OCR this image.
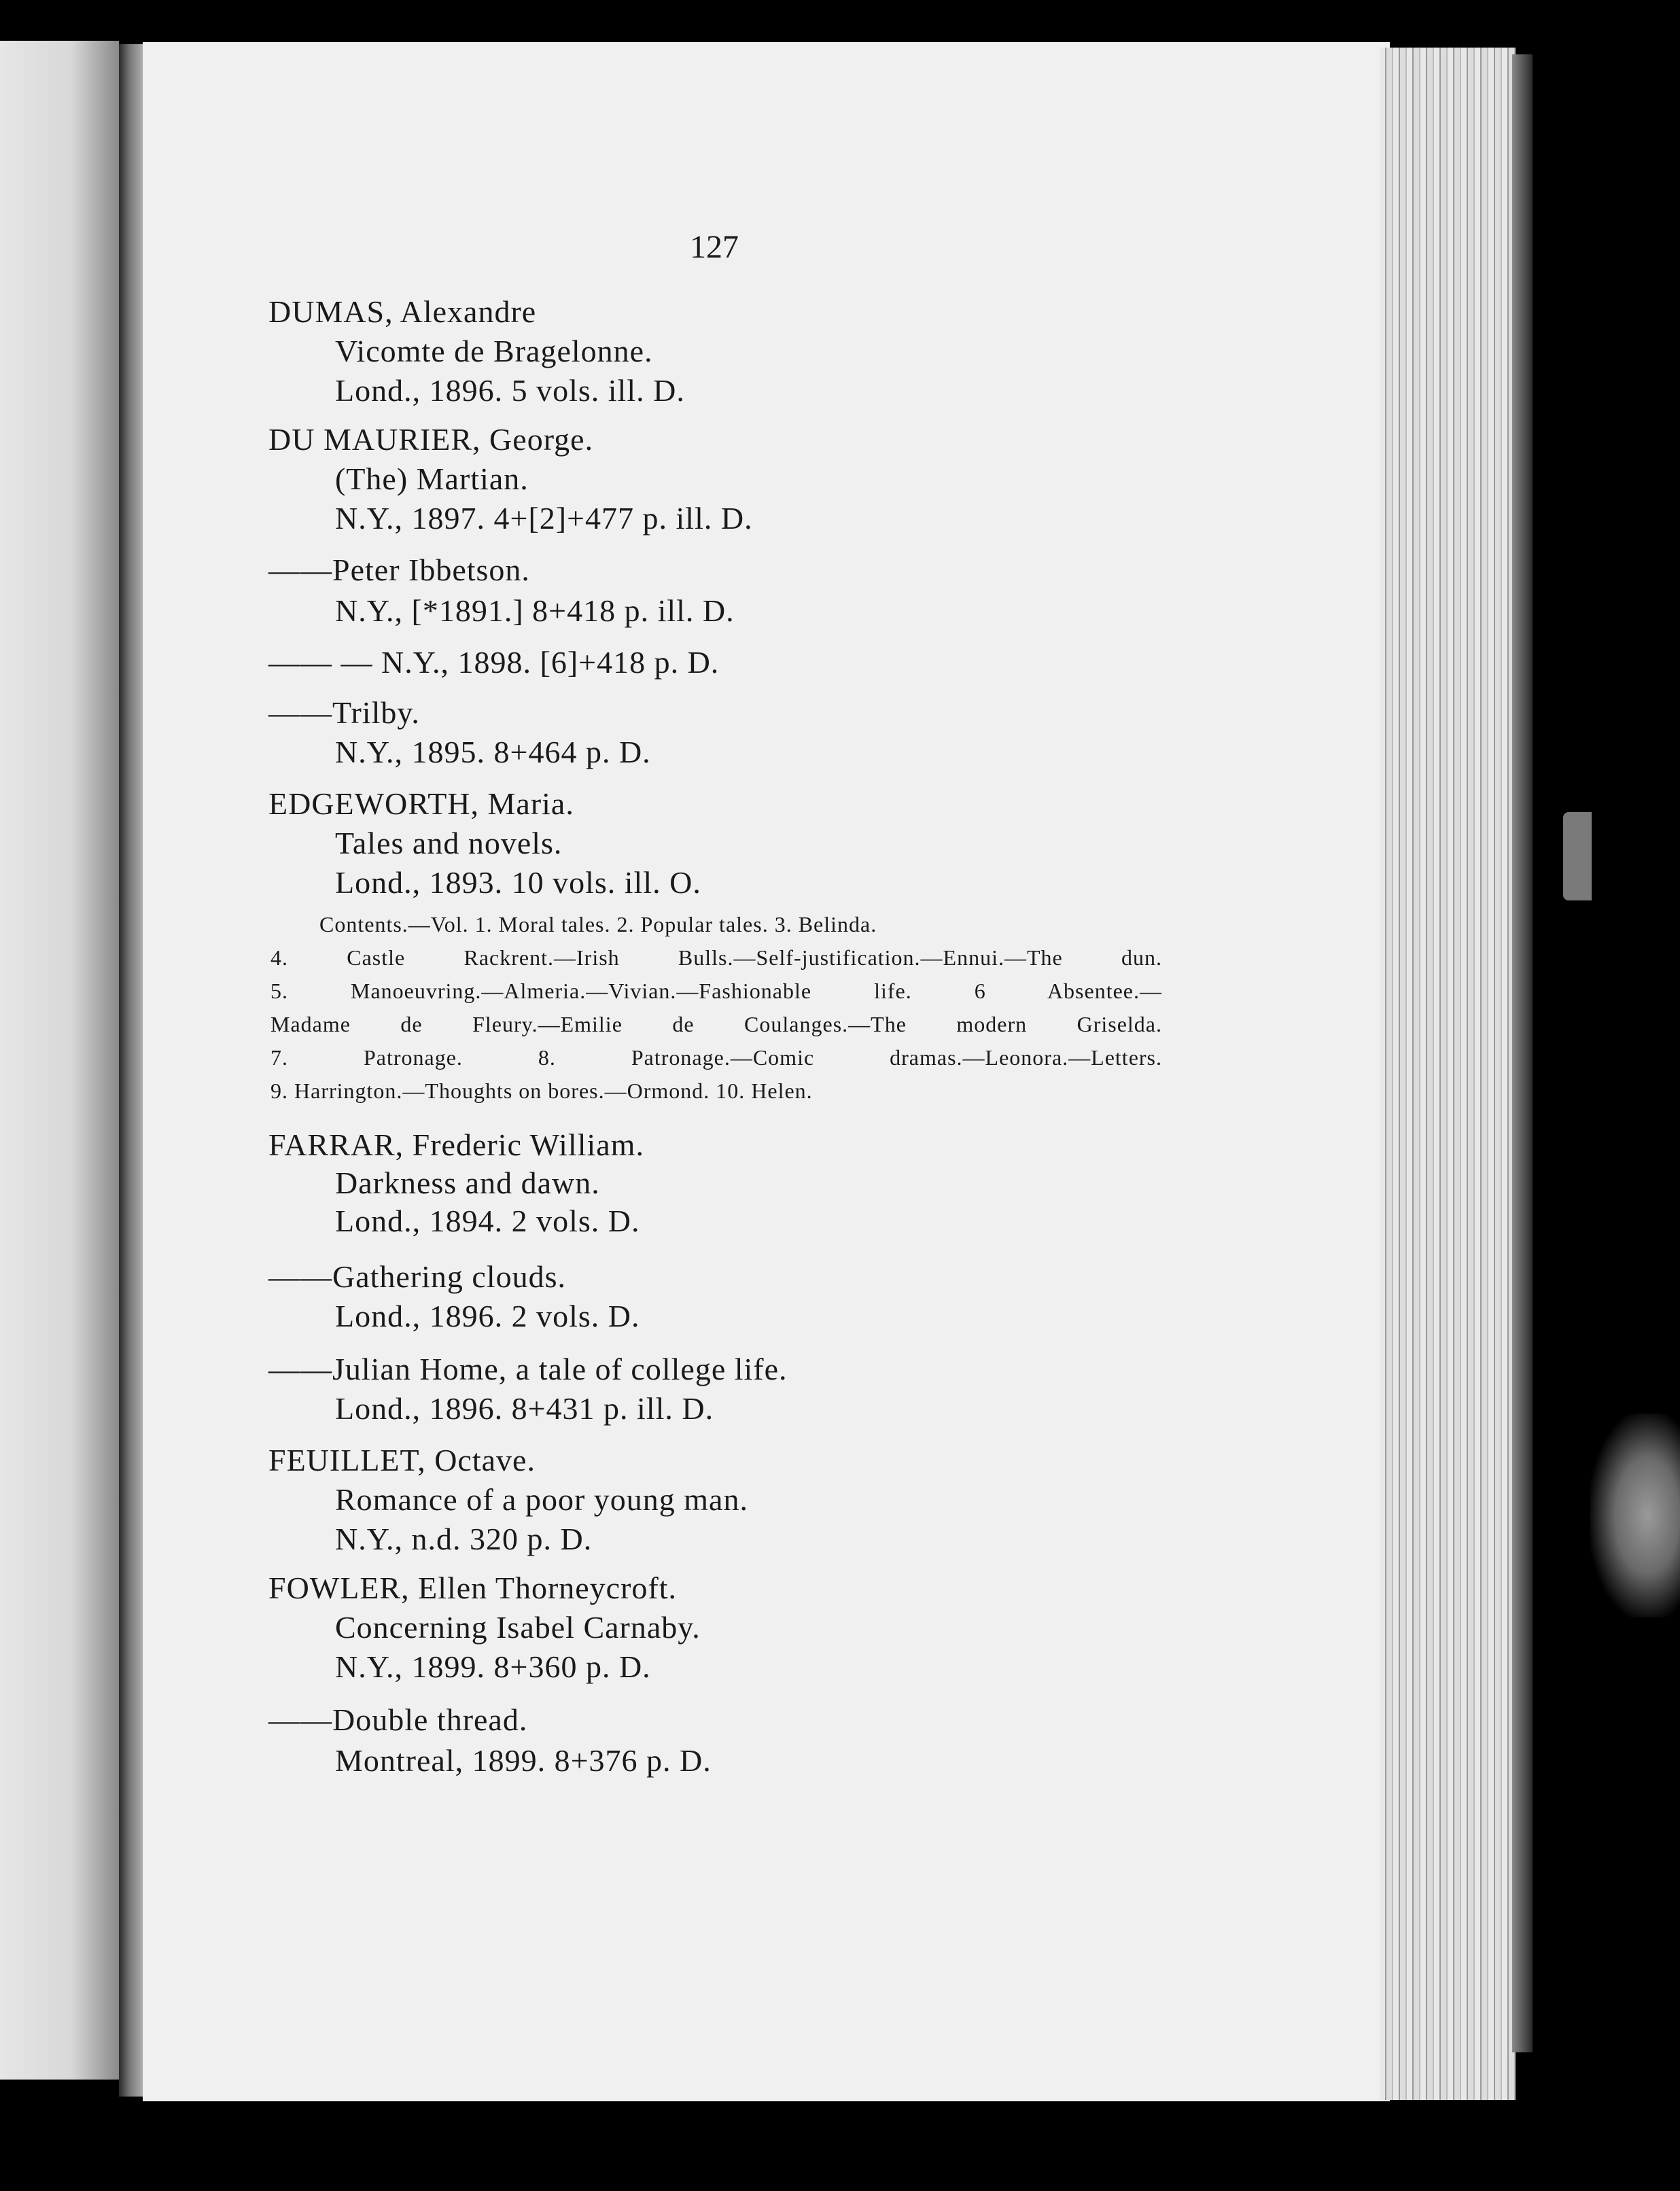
127
DUMAS, Alexandre
Vicomte de Bragelonne.
Lond., 1896. 5 vols. ill. D.
DU MAURIER, George.
(The) Martian.
N.Y., 1897. 4+[2]+477 p. ill. D.
——Peter Ibbetson.
N.Y., [*1891.] 8+418 p. ill. D.
—— — N.Y., 1898. [6]+418 p. D.
——Trilby.
N.Y., 1895. 8+464 p. D.
EDGEWORTH, Maria.
Tales and novels.
Lond., 1893. 10 vols. ill. O.
Contents.—Vol. 1. Moral tales. 2. Popular tales. 3. Belinda.
4. Castle Rackrent.—Irish Bulls.—Self-justification.—Ennui.—The dun.
5. Manoeuvring.—Almeria.—Vivian.—Fashionable life. 6 Absentee.—
Madame de Fleury.—Emilie de Coulanges.—The modern Griselda.
7. Patronage. 8. Patronage.—Comic dramas.—Leonora.—Letters.
9. Harrington.—Thoughts on bores.—Ormond. 10. Helen.
FARRAR, Frederic William.
Darkness and dawn.
Lond., 1894. 2 vols. D.
——Gathering clouds.
Lond., 1896. 2 vols. D.
——Julian Home, a tale of college life.
Lond., 1896. 8+431 p. ill. D.
FEUILLET, Octave.
Romance of a poor young man.
N.Y., n.d. 320 p. D.
FOWLER, Ellen Thorneycroft.
Concerning Isabel Carnaby.
N.Y., 1899. 8+360 p. D.
——Double thread.
Montreal, 1899. 8+376 p. D.
